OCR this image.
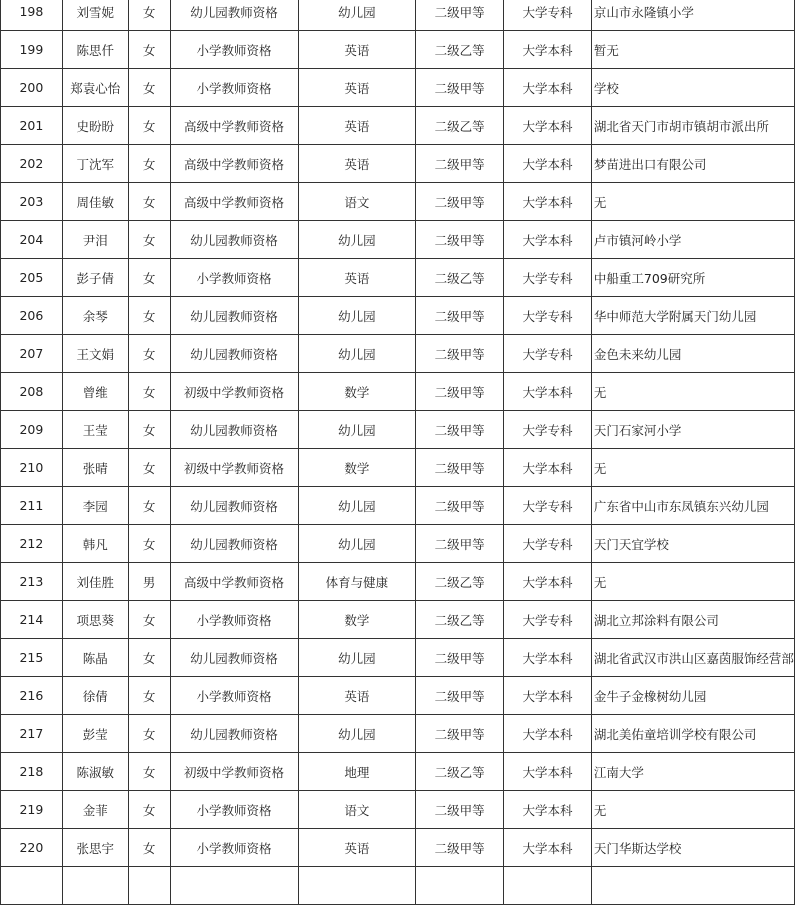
198	刘雪妮	女	幼儿园教师资格	幼儿园	二级甲等	大学专科	京山市永隆镇小学
199	陈思仟	女	小学教师资格	英语	二级乙等	大学本科	暂无
200	郑袁心怡	女	小学教师资格	英语	二级甲等	大学本科	学校
201	史盼盼	女	高级中学教师资格	英语	二级乙等	大学本科	湖北省天门市胡市镇胡市派出所
202	丁沈军	女	高级中学教师资格	英语	二级甲等	大学本科	梦苗进出口有限公司
203	周佳敏	女	高级中学教师资格	语文	二级甲等	大学本科	无
204	尹泪	女	幼儿园教师资格	幼儿园	二级甲等	大学本科	卢市镇河岭小学
205	彭子倩	女	小学教师资格	英语	二级乙等	大学专科	中船重工709研究所
206	余琴	女	幼儿园教师资格	幼儿园	二级甲等	大学专科	华中师范大学附属天门幼儿园
207	王文娟	女	幼儿园教师资格	幼儿园	二级甲等	大学专科	金色未来幼儿园
208	曾维	女	初级中学教师资格	数学	二级甲等	大学本科	无
209	王莹	女	幼儿园教师资格	幼儿园	二级甲等	大学专科	天门石家河小学
210	张晴	女	初级中学教师资格	数学	二级甲等	大学本科	无
211	李园	女	幼儿园教师资格	幼儿园	二级甲等	大学专科	广东省中山市东凤镇东兴幼儿园
212	韩凡	女	幼儿园教师资格	幼儿园	二级甲等	大学专科	天门天宜学校
213	刘佳胜	男	高级中学教师资格	体育与健康	二级乙等	大学本科	无
214	项思葵	女	小学教师资格	数学	二级乙等	大学专科	湖北立邦涂料有限公司
215	陈晶	女	幼儿园教师资格	幼儿园	二级甲等	大学本科	湖北省武汉市洪山区嘉茵服饰经营部
216	徐倩	女	小学教师资格	英语	二级甲等	大学本科	金牛子金橡树幼儿园
217	彭莹	女	幼儿园教师资格	幼儿园	二级甲等	大学本科	湖北美佑童培训学校有限公司
218	陈淑敏	女	初级中学教师资格	地理	二级乙等	大学本科	江南大学
219	金菲	女	小学教师资格	语文	二级甲等	大学本科	无
220	张思宇	女	小学教师资格	英语	二级甲等	大学本科	天门华斯达学校
